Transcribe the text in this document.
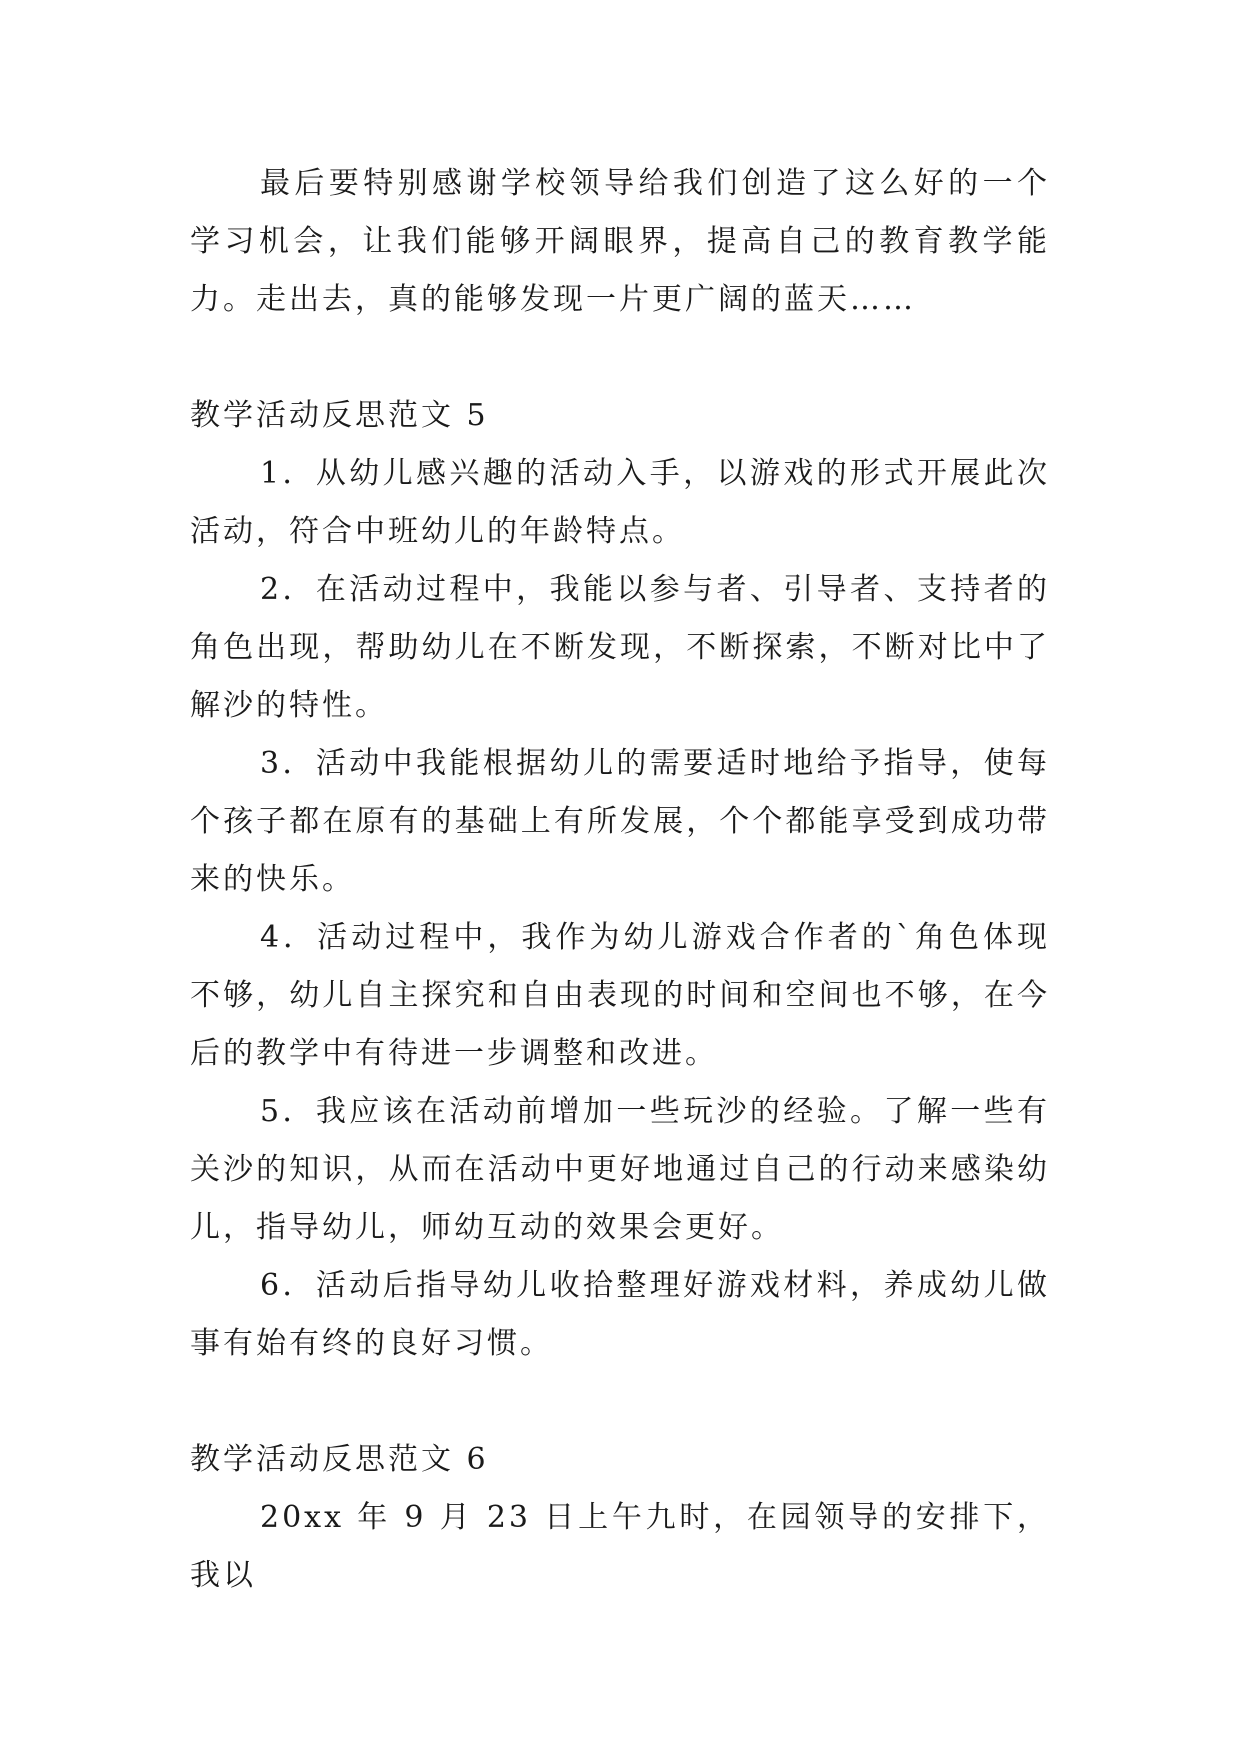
最后要特别感谢学校领导给我们创造了这么好的一个学习机会，让我们能够开阔眼界，提高自己的教育教学能力。走出去，真的能够发现一片更广阔的蓝天……

教学活动反思范文 5

1．从幼儿感兴趣的活动入手，以游戏的形式开展此次活动，符合中班幼儿的年龄特点。

2．在活动过程中，我能以参与者、引导者、支持者的角色出现，帮助幼儿在不断发现，不断探索，不断对比中了解沙的特性。

3．活动中我能根据幼儿的需要适时地给予指导，使每个孩子都在原有的基础上有所发展，个个都能享受到成功带来的快乐。

4．活动过程中，我作为幼儿游戏合作者的`角色体现不够，幼儿自主探究和自由表现的时间和空间也不够，在今后的教学中有待进一步调整和改进。

5．我应该在活动前增加一些玩沙的经验。了解一些有关沙的知识，从而在活动中更好地通过自己的行动来感染幼儿，指导幼儿，师幼互动的效果会更好。

6．活动后指导幼儿收拾整理好游戏材料，养成幼儿做事有始有终的良好习惯。

教学活动反思范文 6

20xx 年 9 月 23 日上午九时，在园领导的安排下，我以
